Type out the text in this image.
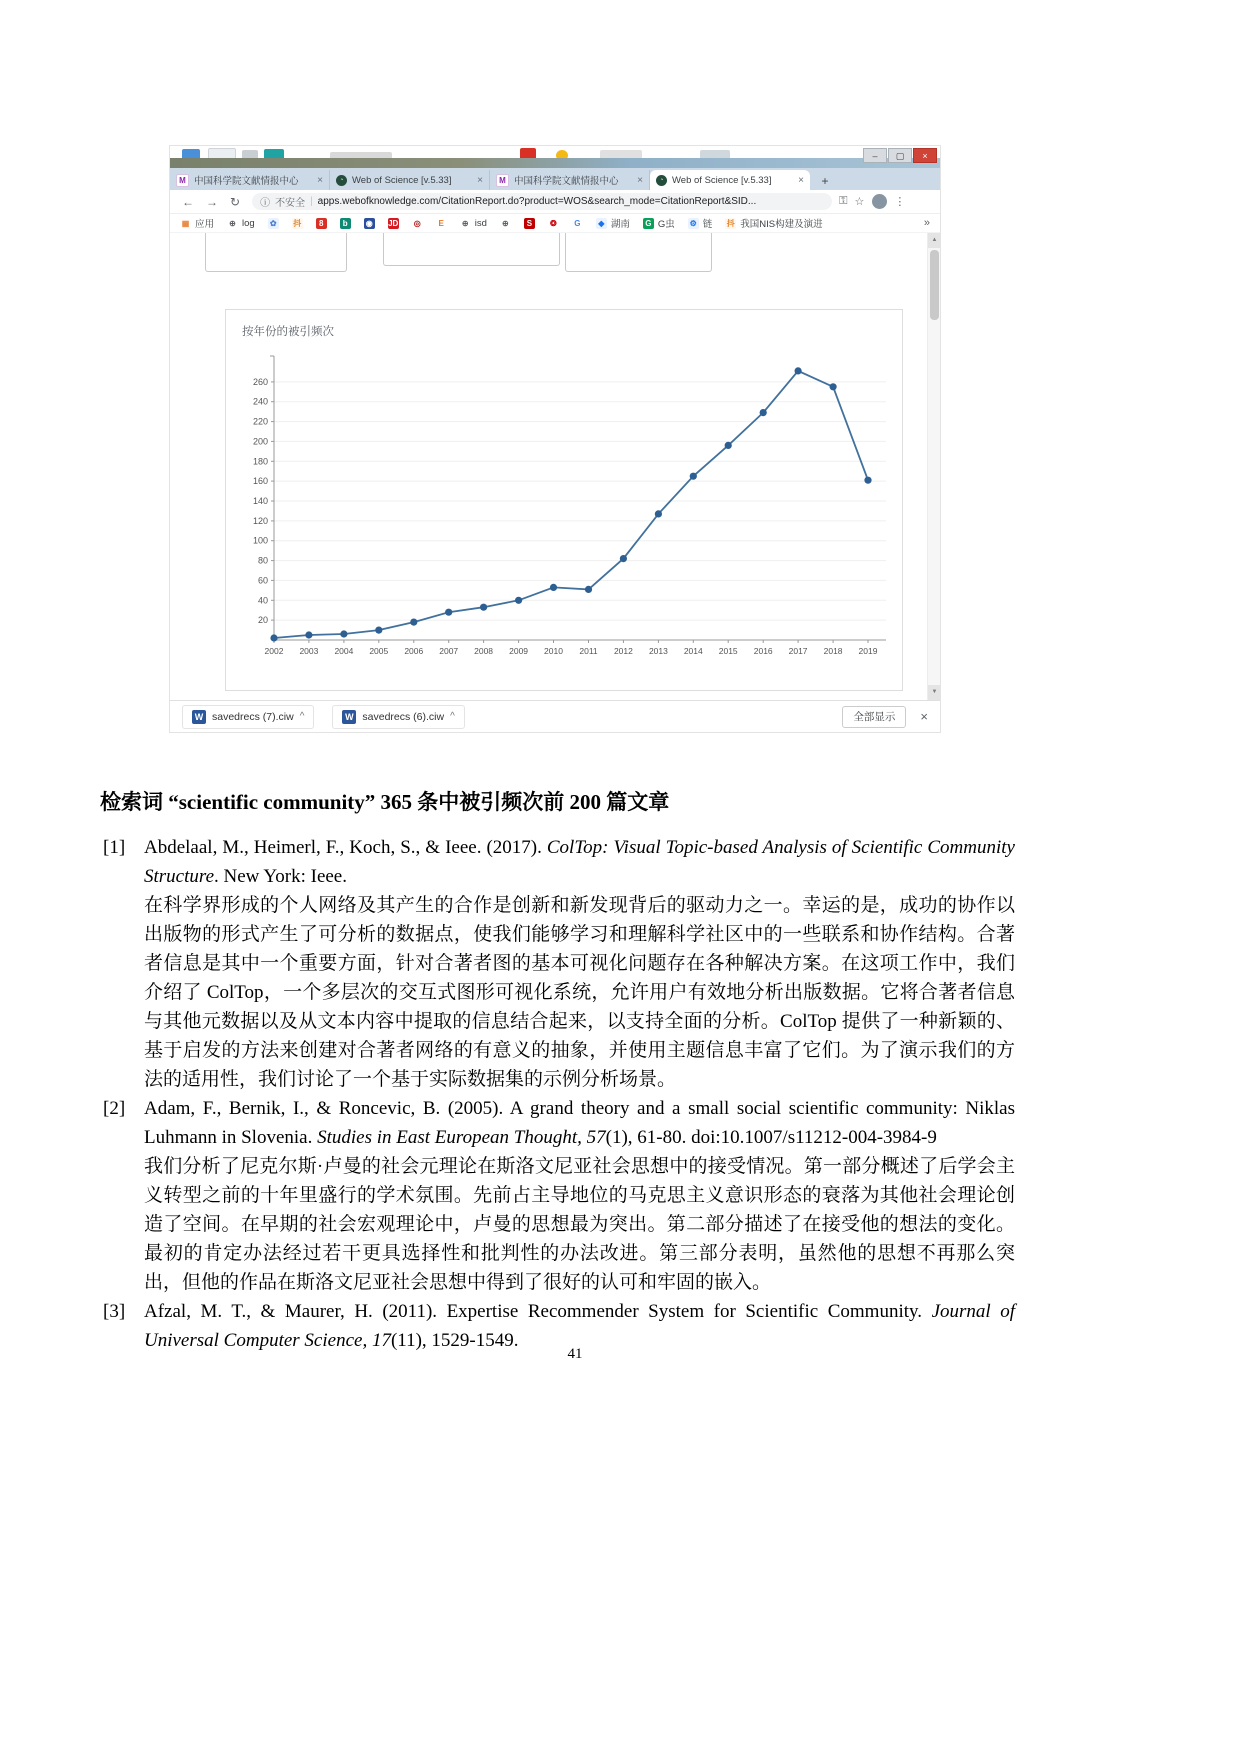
–	▢	×
M 中国科学院文献情报中心	×	◔ Web of Science [v.5.33]	×	M 中国科学院文献情报中心	×	◔ Web of Science [v.5.33]	×	+
← → ↻ ⓘ 不安全 | apps.webofknowledge.com/CitationReport.do?product=WOS&search_mode=CitationReport&SID...	⚿ ☆	⋮
▦ 应用 ⊕ log ✿ 抖	8	b	◉ JD ◎	E	⊕ isd ⊕	S	❂ G	◆ 湖南 G G虫 ⚙ 链 抖 我国NIS构建及演进	»
按年份的被引频次
20
40
60
80
100
120
140
160
180
200
220
240
260
2002 2003 2004 2005 2006 2007 2008 2009 2010 2011 2012 2013 2014 2015 2016 2017 2018 2019
▲
▼
W savedrecs (7).ciw ^	W savedrecs (6).ciw ^	全部显示	×
检索词 “scientific community” 365 条中被引频次前 200 篇文章
[1] Abdelaal, M., Heimerl, F., Koch, S., & Ieee. (2017). ColTop: Visual Topic-based Analysis of Scientific Community Structure. New York: Ieee.

在科学界形成的个人网络及其产生的合作是创新和新发现背后的驱动力之一。幸运的是，成功的协作以出版物的形式产生了可分析的数据点，使我们能够学习和理解科学社区中的一些联系和协作结构。合著者信息是其中一个重要方面，针对合著者图的基本可视化问题存在各种解决方案。在这项工作中，我们介绍了 ColTop，一个多层次的交互式图形可视化系统，允许用户有效地分析出版数据。它将合著者信息与其他元数据以及从文本内容中提取的信息结合起来，以支持全面的分析。ColTop 提供了一种新颖的、基于启发的方法来创建对合著者网络的有意义的抽象，并使用主题信息丰富了它们。为了演示我们的方法的适用性，我们讨论了一个基于实际数据集的示例分析场景。

[2] Adam, F., Bernik, I., & Roncevic, B. (2005). A grand theory and a small social scientific community: Niklas Luhmann in Slovenia. Studies in East European Thought, 57(1), 61-80. doi:10.1007/s11212-004-3984-9

我们分析了尼克尔斯·卢曼的社会元理论在斯洛文尼亚社会思想中的接受情况。第一部分概述了后学会主义转型之前的十年里盛行的学术氛围。先前占主导地位的马克思主义意识形态的衰落为其他社会理论创造了空间。在早期的社会宏观理论中，卢曼的思想最为突出。第二部分描述了在接受他的想法的变化。最初的肯定办法经过若干更具选择性和批判性的办法改进。第三部分表明，虽然他的思想不再那么突出，但他的作品在斯洛文尼亚社会思想中得到了很好的认可和牢固的嵌入。

[3] Afzal, M. T., & Maurer, H. (2011). Expertise Recommender System for Scientific Community. Journal of Universal Computer Science, 17(11), 1529-1549.

41
